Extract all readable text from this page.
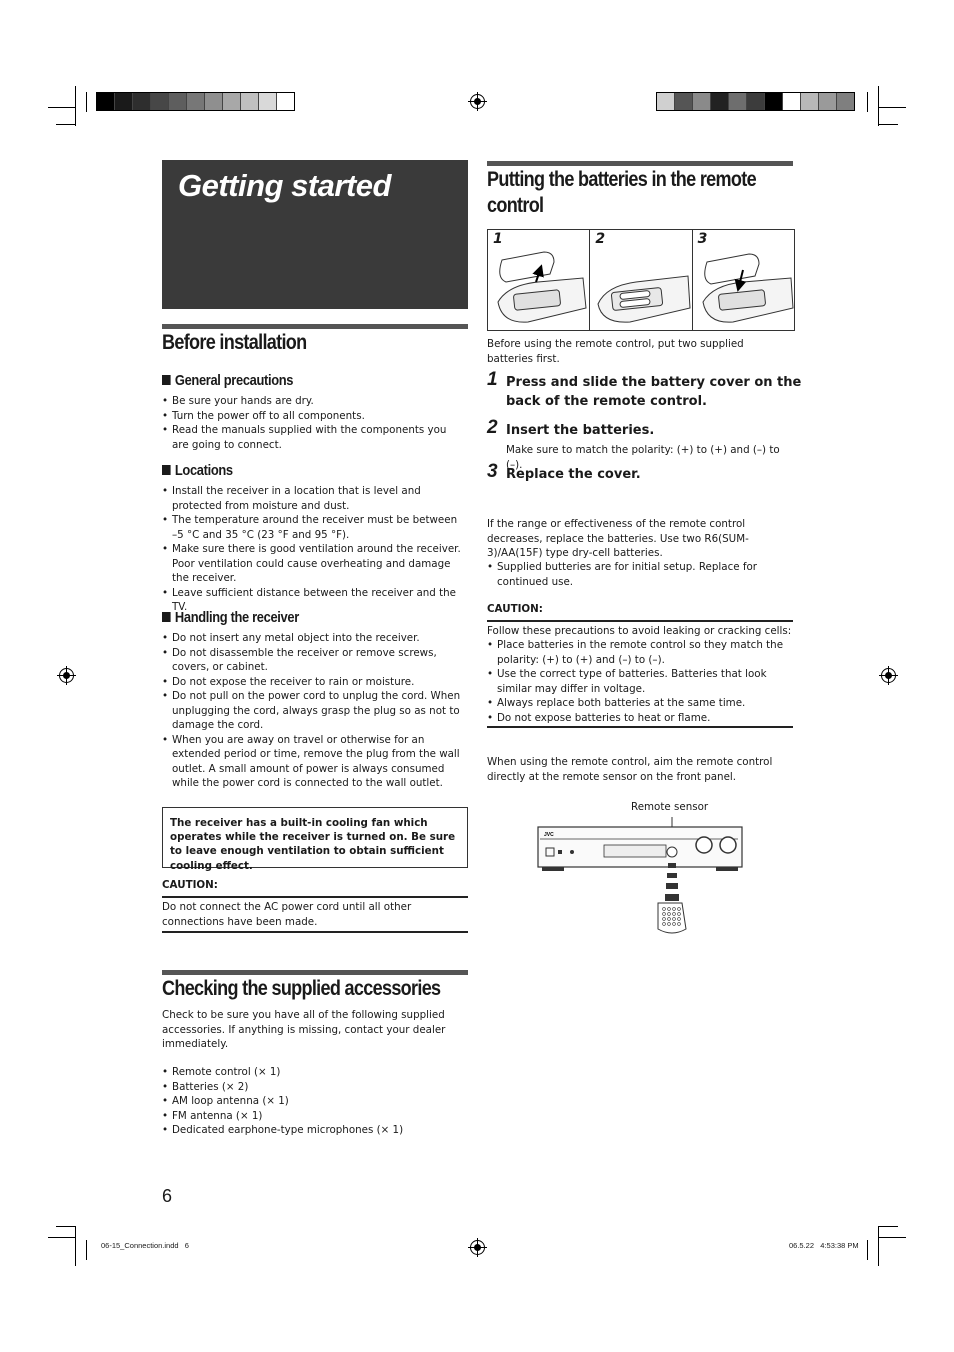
Getting started
Before installation
General precautions
• Be sure your hands are dry.
• Turn the power off to all components.
• Read the manuals supplied with the components you are going to connect.
Locations
• Install the receiver in a location that is level and protected from moisture and dust.
• The temperature around the receiver must be between –5 °C and 35 °C (23 °F and 95 °F).
• Make sure there is good ventilation around the receiver. Poor ventilation could cause overheating and damage the receiver.
• Leave sufficient distance between the receiver and the TV.
Handling the receiver
• Do not insert any metal object into the receiver.
• Do not disassemble the receiver or remove screws, covers, or cabinet.
• Do not expose the receiver to rain or moisture.
• Do not pull on the power cord to unplug the cord. When unplugging the cord, always grasp the plug so as not to damage the cord.
• When you are away on travel or otherwise for an extended period or time, remove the plug from the wall outlet. A small amount of power is always consumed while the power cord is connected to the wall outlet.
The receiver has a built-in cooling fan which operates while the receiver is turned on. Be sure to leave enough ventilation to obtain sufficient cooling effect.
CAUTION:
Do not connect the AC power cord until all other connections have been made.
Checking the supplied accessories
Check to be sure you have all of the following supplied accessories. If anything is missing, contact your dealer immediately.
• Remote control (× 1)
• Batteries (× 2)
• AM loop antenna (× 1)
• FM antenna (× 1)
• Dedicated earphone-type microphones (× 1)
6
Putting the batteries in the remote
control
1	2	3
Before using the remote control, put two supplied batteries first.
1 Press and slide the battery cover on the
back of the remote control.
2 Insert the batteries.
Make sure to match the polarity: (+) to (+) and (–) to (–).
3 Replace the cover.
If the range or effectiveness of the remote control decreases, replace the batteries. Use two R6(SUM-3)/AA(15F) type dry-cell batteries.
• Supplied butteries are for initial setup. Replace for continued use.
CAUTION:
Follow these precautions to avoid leaking or cracking cells:
• Place batteries in the remote control so they match the polarity: (+) to (+) and (–) to (–).
• Use the correct type of batteries. Batteries that look similar may differ in voltage.
• Always replace both batteries at the same time.
• Do not expose batteries to heat or flame.
When using the remote control, aim the remote control directly at the remote sensor on the front panel.
Remote sensor
JVC
06-15_Connection.indd   6	06.5.22   4:53:38 PM
